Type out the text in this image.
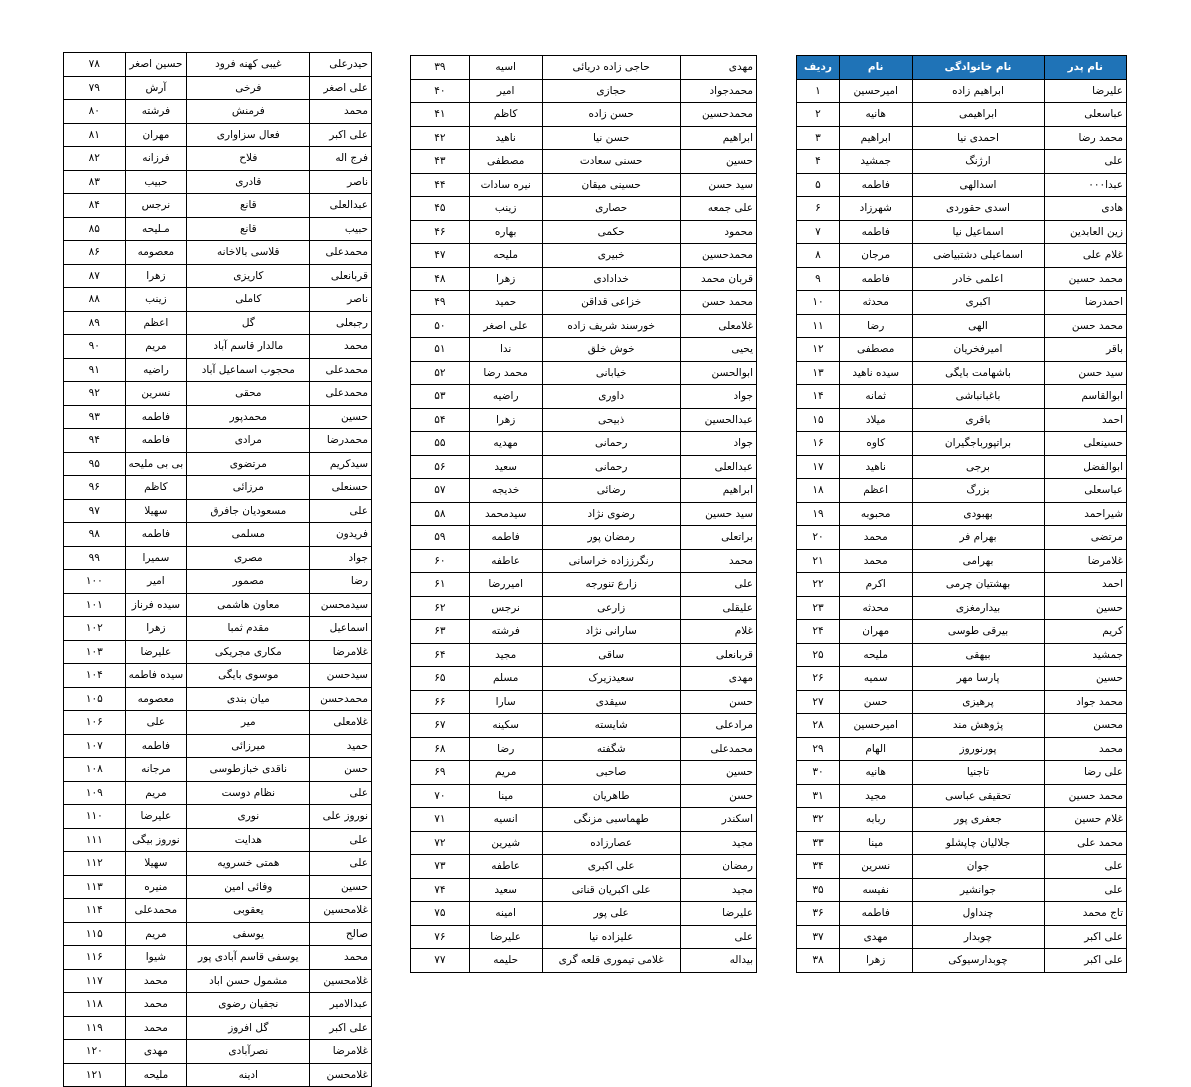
نام پدر	نام خانوادگی	نام	ردیف
علیرضا	ابراهیم زاده	امیرحسین	۱
عباسعلی	ابراهیمی	هانیه	۲
محمد رضا	احمدی نیا	ابراهیم	۳
علی	ارژنگ	جمشید	۴
عبدا۰۰۰	اسدالهی	فاطمه	۵
هادی	اسدی حقوردی	شهرزاد	۶
زین العابدین	اسماعیل نیا	فاطمه	۷
غلام علی	اسماعیلی دشتبیاضی	مرجان	۸
محمد حسین	اعلمی خادر	فاطمه	۹
احمدرضا	اکبری	محدثه	۱۰
محمد حسن	الهی	رضا	۱۱
باقر	امیرفخریان	مصطفی	۱۲
سید حسن	باشهامت بایگی	سیده ناهید	۱۳
ابوالقاسم	باغبانباشی	ثمانه	۱۴
احمد	باقری	میلاد	۱۵
حسینعلی	براتپورباجگیران	کاوه	۱۶
ابوالفضل	برجی	ناهید	۱۷
عباسعلی	بزرگ	اعظم	۱۸
شیراحمد	بهبودی	محبوبه	۱۹
مرتضی	بهرام فر	محمد	۲۰
غلامرضا	بهرامی	محمد	۲۱
احمد	بهشتیان چرمی	اکرم	۲۲
حسین	بیدارمغزی	محدثه	۲۳
کریم	بیرقی طوسی	مهران	۲۴
جمشید	بیهقی	ملیحه	۲۵
حسین	پارسا مهر	سمیه	۲۶
محمد جواد	پرهیزی	حسن	۲۷
محسن	پژوهش مند	امیرحسین	۲۸
محمد	پورنوروز	الهام	۲۹
علی رضا	تاجنیا	هانیه	۳۰
محمد حسین	تحقیقی عباسی	مجید	۳۱
غلام حسین	جعفری پور	ربابه	۳۲
محمد علی	جلالیان چاپشلو	مینا	۳۳
علی	جوان	نسرین	۳۴
علی	جوانشیر	نفیسه	۳۵
تاج محمد	چنداول	فاطمه	۳۶
علی اکبر	چوبدار	مهدی	۳۷
علی اکبر	چوبدارسیوکی	زهرا	۳۸
مهدی	حاجی زاده دریائی	اسیه	۳۹
محمدجواد	حجازی	امیر	۴۰
محمدحسین	حسن زاده	کاظم	۴۱
ابراهیم	حسن نیا	ناهید	۴۲
حسین	حسنی سعادت	مصطفی	۴۳
سید حسن	حسینی میقان	نیره سادات	۴۴
علی جمعه	حصاری	زینب	۴۵
محمود	حکمی	بهاره	۴۶
محمدحسین	خبیری	ملیحه	۴۷
قربان محمد	خدادادی	زهرا	۴۸
محمد حسن	خزاعی قداقن	حمید	۴۹
غلامعلی	خورسند شریف زاده	علی اصغر	۵۰
یحیی	خوش خلق	ندا	۵۱
ابوالحسن	خیابانی	محمد رضا	۵۲
جواد	داوری	راضیه	۵۳
عبدالحسین	ذبیحی	زهرا	۵۴
جواد	رحمانی	مهدیه	۵۵
عبدالعلی	رحمانی	سعید	۵۶
ابراهیم	رضائی	خدیجه	۵۷
سید حسین	رضوی نژاد	سیدمحمد	۵۸
براتعلی	رمضان پور	فاطمه	۵۹
محمد	رنگرززاده خراسانی	عاطفه	۶۰
علی	زارع تنورجه	امیررضا	۶۱
علیقلی	زارعی	نرجس	۶۲
غلام	سارانی نژاد	فرشته	۶۳
قربانعلی	ساقی	مجید	۶۴
مهدی	سعیدزیرک	مسلم	۶۵
حسن	سیقدی	سارا	۶۶
مرادعلی	شایسته	سکینه	۶۷
محمدعلی	شگفته	رضا	۶۸
حسین	صاحبی	مریم	۶۹
حسن	طاهریان	مینا	۷۰
اسکندر	طهماسبی مزنگی	انسیه	۷۱
مجید	عصارزاده	شیرین	۷۲
رمضان	علی اکبری	عاطفه	۷۳
مجید	علی اکبریان قناتی	سعید	۷۴
علیرضا	علی پور	امینه	۷۵
علی	علیزاده نیا	علیرضا	۷۶
بیداله	غلامی تیموری قلعه گری	حلیمه	۷۷
حیدرعلی	غیبی کهنه فرود	حسین اصغر	۷۸
علی اصغر	فرخی	آرش	۷۹
محمد	فرمنش	فرشته	۸۰
علی اکبر	فعال سزاواری	مهران	۸۱
فرج اله	فلاح	فرزانه	۸۲
ناصر	قادری	حبیب	۸۳
عبدالعلی	قانع	نرجس	۸۴
حبیب	قانع	مـلیحه	۸۵
محمدعلی	قلاسی بالاخانه	معصومه	۸۶
قربانعلی	کاریزی	زهرا	۸۷
ناصر	کاملی	زینب	۸۸
رجبعلی	گل	اعظم	۸۹
محمد	مالدار قاسم آباد	مریم	۹۰
محمدعلی	محجوب اسماعیل آباد	راضیه	۹۱
محمدعلی	محقی	نسرین	۹۲
حسین	محمدپور	فاطمه	۹۳
محمدرضا	مرادی	فاطمه	۹۴
سیدکریم	مرتضوی	بی بی ملیحه	۹۵
حسنعلی	مرزائی	کاظم	۹۶
علی	مسعودیان جافرق	سهیلا	۹۷
فریدون	مسلمی	فاطمه	۹۸
جواد	مصری	سمیرا	۹۹
رضا	مصمور	امیر	۱۰۰
سیدمحسن	معاون هاشمی	سیده فرناز	۱۰۱
اسماعیل	مقدم ثمبا	زهرا	۱۰۲
غلامرضا	مکاری مجریکی	علیرضا	۱۰۳
سیدحسن	موسوی بایگی	سیده فاطمه	۱۰۴
محمدحسن	میان بندی	معصومه	۱۰۵
غلامعلی	میر	علی	۱۰۶
حمید	میرزائی	فاطمه	۱۰۷
حسن	ناقدی خبازطوسی	مرجانه	۱۰۸
علی	نظام دوست	مریم	۱۰۹
نوروز علی	نوری	علیرضا	۱۱۰
علی	هدایت	نوروز بیگی	۱۱۱
علی	همتی خسرویه	سهیلا	۱۱۲
حسین	وفائی امین	منیره	۱۱۳
غلامحسین	یعقوبی	محمدعلی	۱۱۴
صالح	یوسفی	مریم	۱۱۵
محمد	یوسفی قاسم آبادی پور	شیوا	۱۱۶
غلامحسین	مشمول حسن اباد	محمد	۱۱۷
عبدالامیر	نجفیان رضوی	محمد	۱۱۸
علی اکبر	گل افروز	محمد	۱۱۹
غلامرضا	نصرآبادی	مهدی	۱۲۰
غلامحسن	ادینه	ملیحه	۱۲۱
